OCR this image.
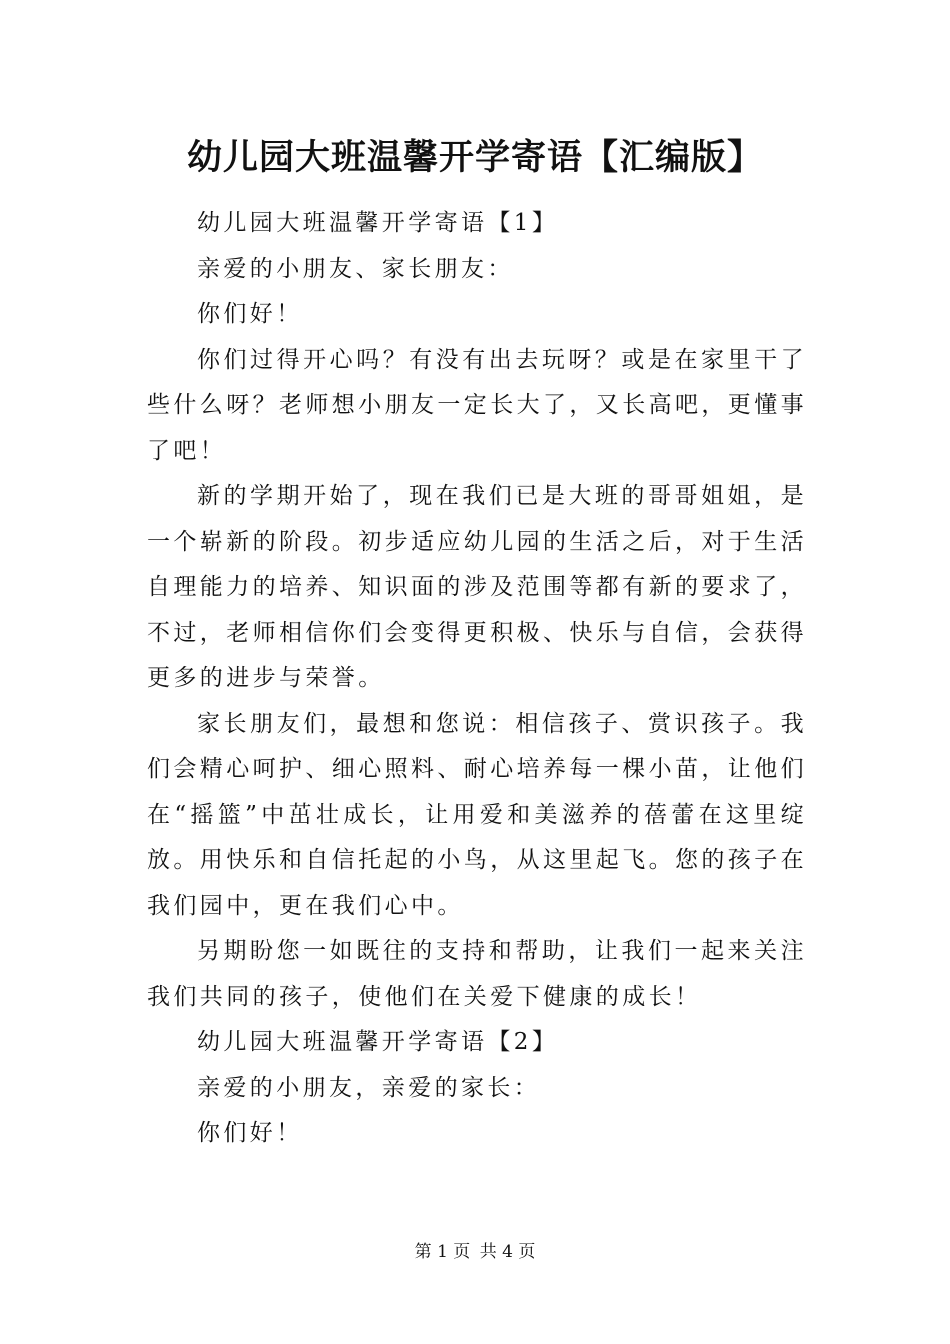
幼儿园大班温馨开学寄语【汇编版】

幼儿园大班温馨开学寄语【1】

亲爱的小朋友、家长朋友：

你们好！

你们过得开心吗？有没有出去玩呀？或是在家里干了些什么呀？老师想小朋友一定长大了，又长高吧，更懂事了吧！

新的学期开始了，现在我们已是大班的哥哥姐姐，是一个崭新的阶段。初步适应幼儿园的生活之后，对于生活自理能力的培养、知识面的涉及范围等都有新的要求了，不过，老师相信你们会变得更积极、快乐与自信，会获得更多的进步与荣誉。

家长朋友们，最想和您说：相信孩子、赏识孩子。我们会精心呵护、细心照料、耐心培养每一棵小苗，让他们在“摇篮”中茁壮成长，让用爱和美滋养的蓓蕾在这里绽放。用快乐和自信托起的小鸟，从这里起飞。您的孩子在我们园中，更在我们心中。

另期盼您一如既往的支持和帮助，让我们一起来关注我们共同的孩子，使他们在关爱下健康的成长！

幼儿园大班温馨开学寄语【2】

亲爱的小朋友，亲爱的家长：

你们好！

第 1 页 共 4 页
